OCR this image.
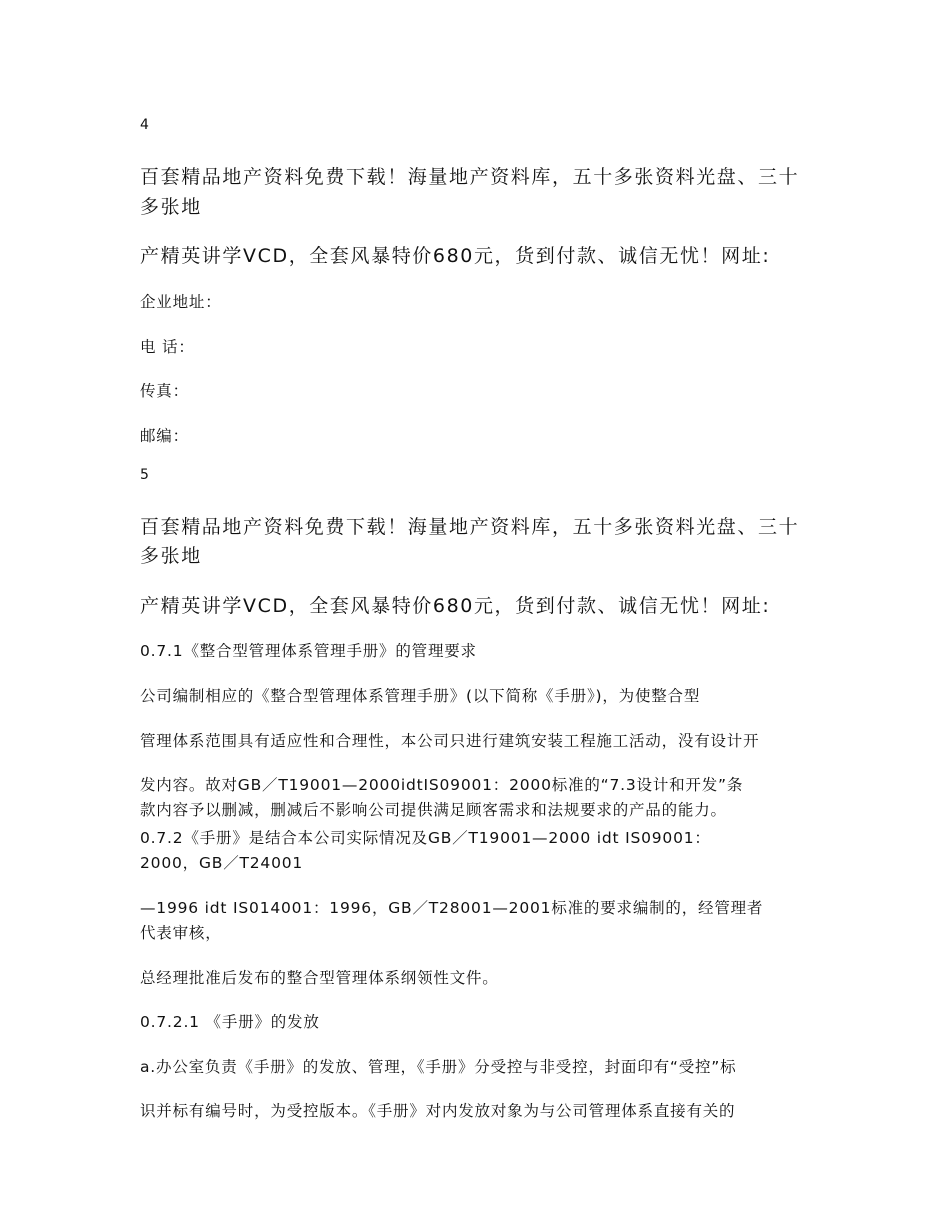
4

百套精品地产资料免费下载！海量地产资料库，五十多张资料光盘、三十

多张地

产精英讲学VCD，全套风暴特价680元，货到付款、诚信无忧！网址:

企业地址：

电 话：

传真：

邮编：

5

百套精品地产资料免费下载！海量地产资料库，五十多张资料光盘、三十

多张地

产精英讲学VCD，全套风暴特价680元，货到付款、诚信无忧！网址:

0.7.1《整合型管理体系管理手册》的管理要求

公司编制相应的《整合型管理体系管理手册》(以下简称《手册》)，为使整合型

管理体系范围具有适应性和合理性，本公司只进行建筑安装工程施工活动，没有设计开

发内容。故对GB／T19001—2000idtIS09001：2000标准的“7.3设计和开发”条

款内容予以删减，删减后不影响公司提供满足顾客需求和法规要求的产品的能力。

0.7.2《手册》是结合本公司实际情况及GB／T19001—2000 idt IS09001：

2000，GB／T24001

—1996 idt IS014001：1996，GB／T28001—2001标准的要求编制的，经管理者

代表审核，

总经理批准后发布的整合型管理体系纲领性文件。

0.7.2.1 《手册》的发放

a.办公室负责《手册》的发放、管理，《手册》分受控与非受控，封面印有“受控”标

识并标有编号时，为受控版本。《手册》对内发放对象为与公司管理体系直接有关的
